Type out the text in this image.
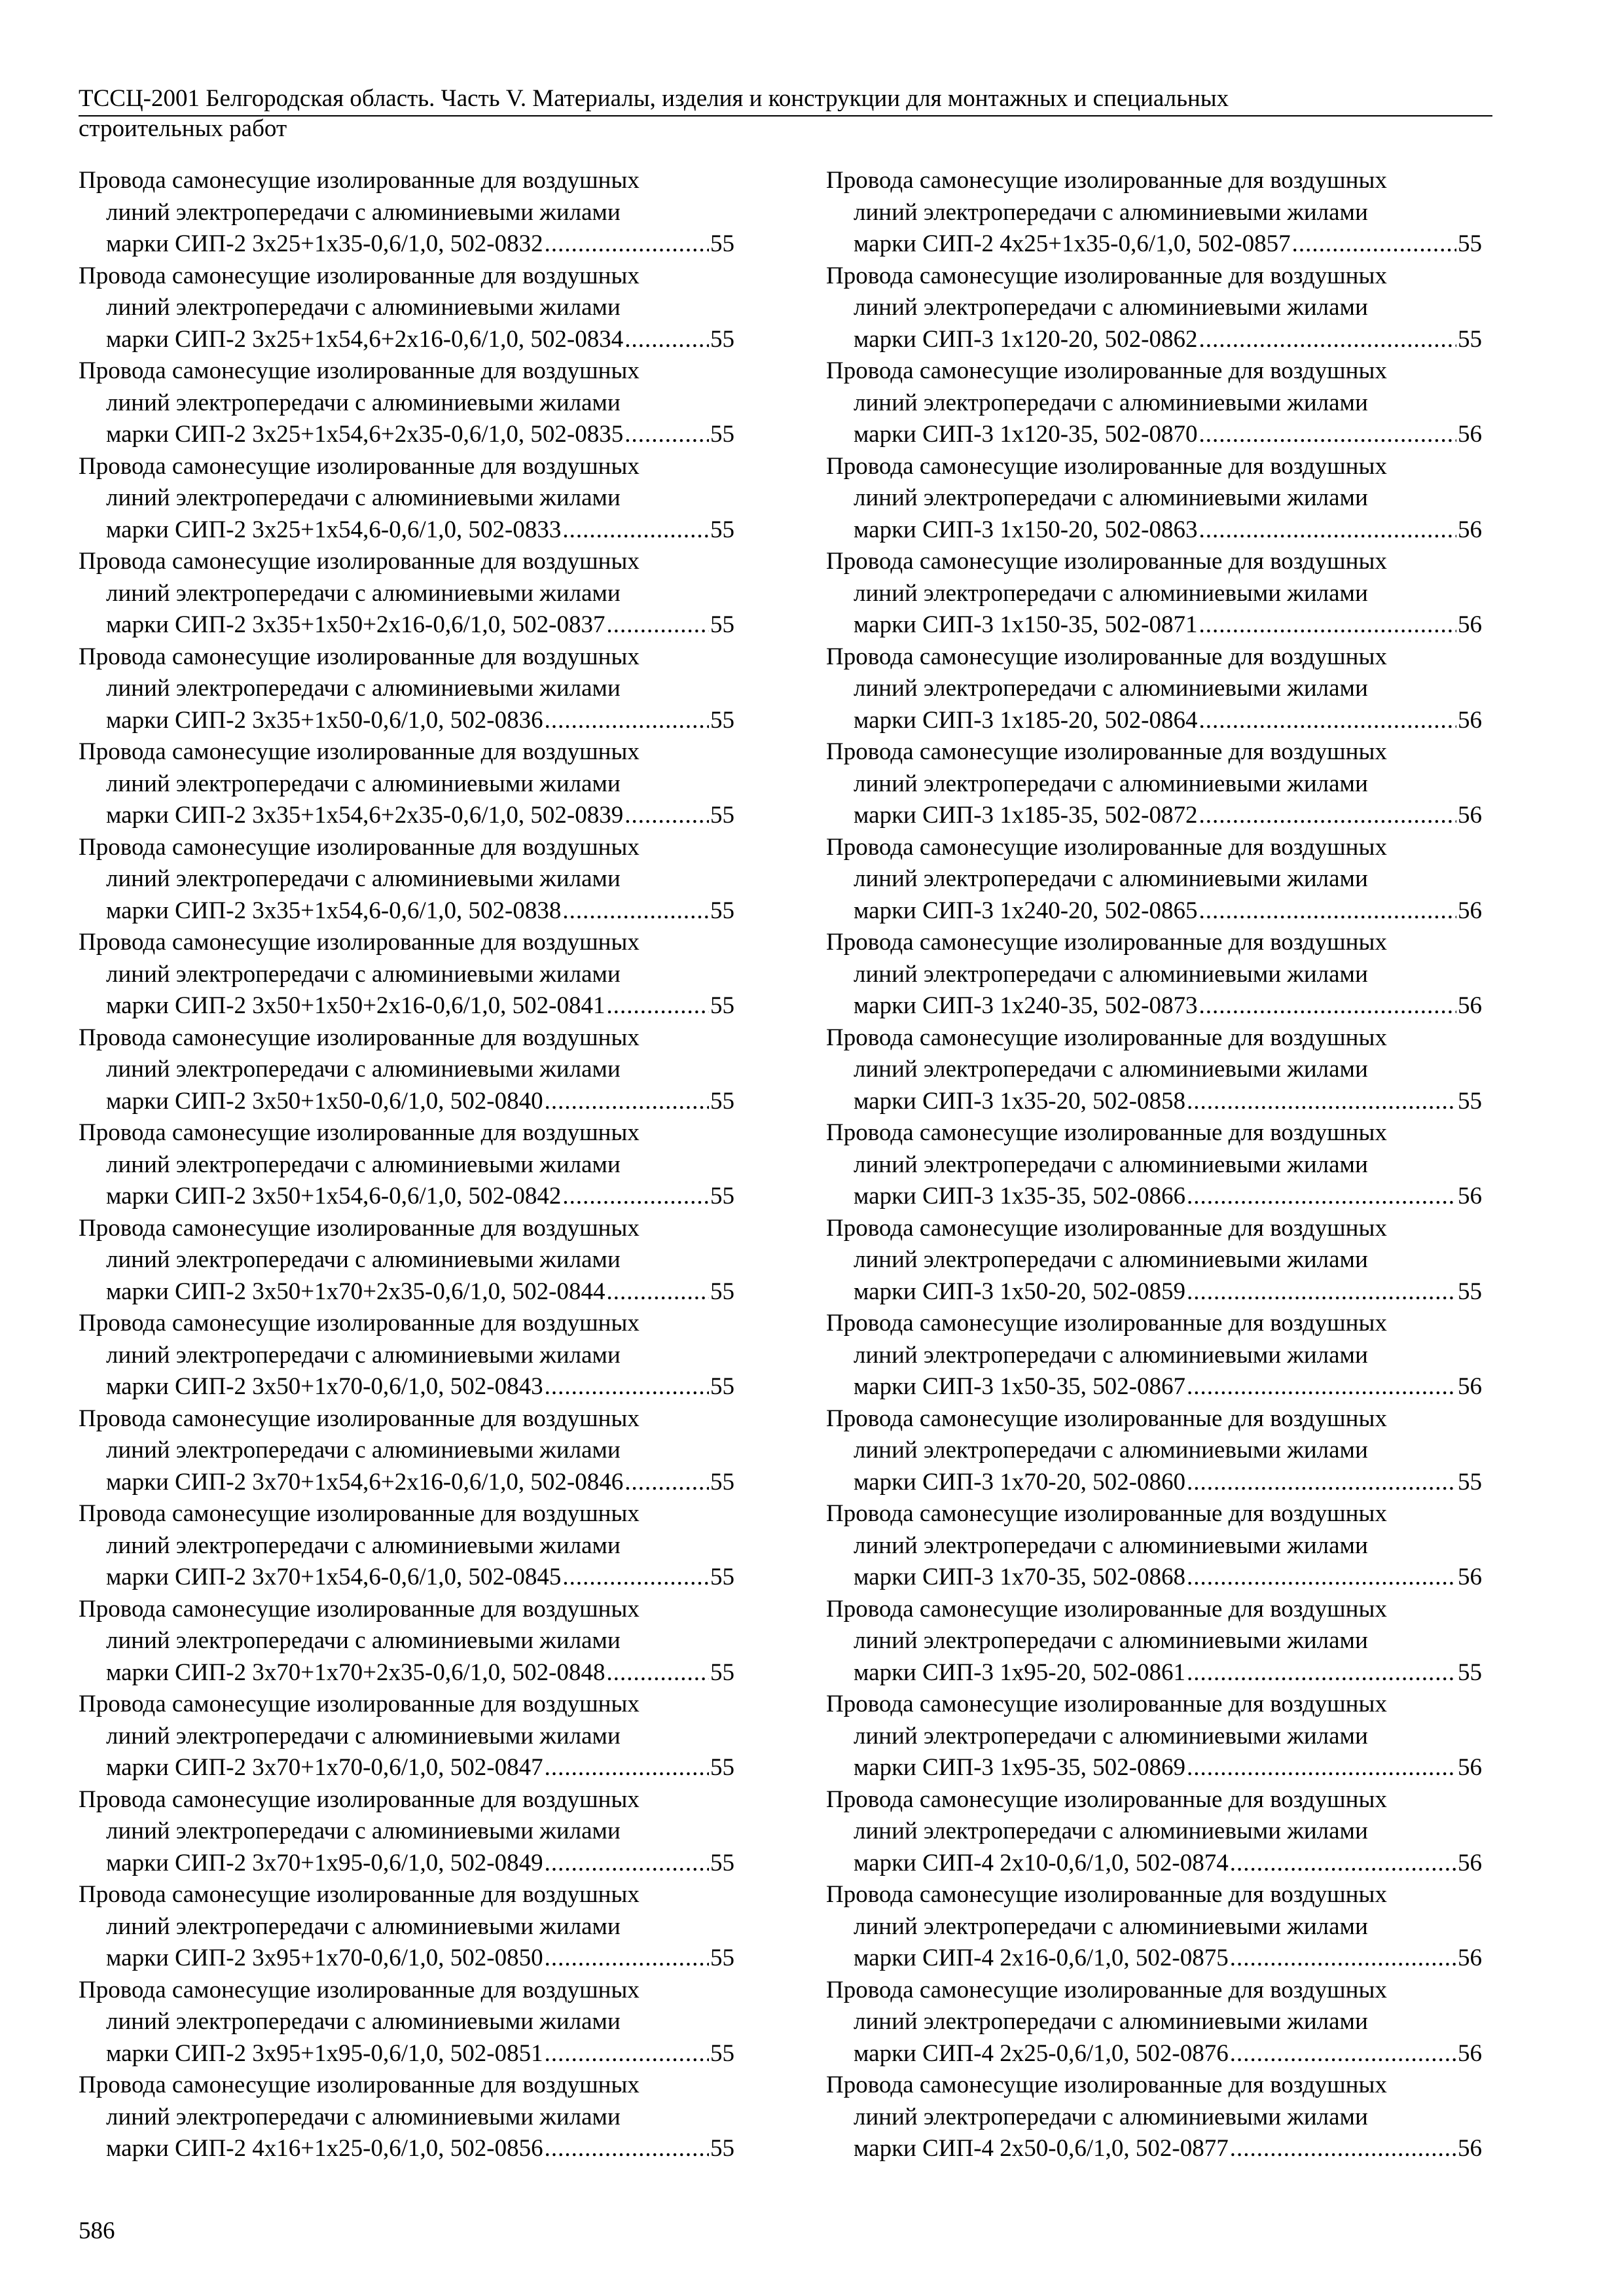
ТССЦ-2001 Белгородская область. Часть V. Материалы, изделия и конструкции для монтажных и специальных
строительных работ
Провода самонесущие изолированные для воздушных
линий электропередачи с алюминиевыми жилами
марки СИП-2 3х25+1х35-0,6/1,0, 502-0832 .....	55
Провода самонесущие изолированные для воздушных
линий электропередачи с алюминиевыми жилами
марки СИП-2 3х25+1х54,6+2х16-0,6/1,0, 502-0834 .....	55
Провода самонесущие изолированные для воздушных
линий электропередачи с алюминиевыми жилами
марки СИП-2 3х25+1х54,6+2х35-0,6/1,0, 502-0835 .....	55
Провода самонесущие изолированные для воздушных
линий электропередачи с алюминиевыми жилами
марки СИП-2 3х25+1х54,6-0,6/1,0, 502-0833 .....	55
Провода самонесущие изолированные для воздушных
линий электропередачи с алюминиевыми жилами
марки СИП-2 3х35+1х50+2х16-0,6/1,0, 502-0837 .....	55
Провода самонесущие изолированные для воздушных
линий электропередачи с алюминиевыми жилами
марки СИП-2 3х35+1х50-0,6/1,0, 502-0836 .....	55
Провода самонесущие изолированные для воздушных
линий электропередачи с алюминиевыми жилами
марки СИП-2 3х35+1х54,6+2х35-0,6/1,0, 502-0839 .....	55
Провода самонесущие изолированные для воздушных
линий электропередачи с алюминиевыми жилами
марки СИП-2 3х35+1х54,6-0,6/1,0, 502-0838 .....	55
Провода самонесущие изолированные для воздушных
линий электропередачи с алюминиевыми жилами
марки СИП-2 3х50+1х50+2х16-0,6/1,0, 502-0841 .....	55
Провода самонесущие изолированные для воздушных
линий электропередачи с алюминиевыми жилами
марки СИП-2 3х50+1х50-0,6/1,0, 502-0840 .....	55
Провода самонесущие изолированные для воздушных
линий электропередачи с алюминиевыми жилами
марки СИП-2 3х50+1х54,6-0,6/1,0, 502-0842 .....	55
Провода самонесущие изолированные для воздушных
линий электропередачи с алюминиевыми жилами
марки СИП-2 3х50+1х70+2х35-0,6/1,0, 502-0844 .....	55
Провода самонесущие изолированные для воздушных
линий электропередачи с алюминиевыми жилами
марки СИП-2 3х50+1х70-0,6/1,0, 502-0843 .....	55
Провода самонесущие изолированные для воздушных
линий электропередачи с алюминиевыми жилами
марки СИП-2 3х70+1х54,6+2х16-0,6/1,0, 502-0846 .....	55
Провода самонесущие изолированные для воздушных
линий электропередачи с алюминиевыми жилами
марки СИП-2 3х70+1х54,6-0,6/1,0, 502-0845 .....	55
Провода самонесущие изолированные для воздушных
линий электропередачи с алюминиевыми жилами
марки СИП-2 3х70+1х70+2х35-0,6/1,0, 502-0848 .....	55
Провода самонесущие изолированные для воздушных
линий электропередачи с алюминиевыми жилами
марки СИП-2 3х70+1х70-0,6/1,0, 502-0847 .....	55
Провода самонесущие изолированные для воздушных
линий электропередачи с алюминиевыми жилами
марки СИП-2 3х70+1х95-0,6/1,0, 502-0849 .....	55
Провода самонесущие изолированные для воздушных
линий электропередачи с алюминиевыми жилами
марки СИП-2 3х95+1х70-0,6/1,0, 502-0850 .....	55
Провода самонесущие изолированные для воздушных
линий электропередачи с алюминиевыми жилами
марки СИП-2 3х95+1х95-0,6/1,0, 502-0851 .....	55
Провода самонесущие изолированные для воздушных
линий электропередачи с алюминиевыми жилами
марки СИП-2 4х16+1х25-0,6/1,0, 502-0856 .....	55
Провода самонесущие изолированные для воздушных
линий электропередачи с алюминиевыми жилами
марки СИП-2 4х25+1х35-0,6/1,0, 502-0857 .....	55
Провода самонесущие изолированные для воздушных
линий электропередачи с алюминиевыми жилами
марки СИП-3 1х120-20, 502-0862 .....	55
Провода самонесущие изолированные для воздушных
линий электропередачи с алюминиевыми жилами
марки СИП-3 1х120-35, 502-0870 .....	56
Провода самонесущие изолированные для воздушных
линий электропередачи с алюминиевыми жилами
марки СИП-3 1х150-20, 502-0863 .....	56
Провода самонесущие изолированные для воздушных
линий электропередачи с алюминиевыми жилами
марки СИП-3 1х150-35, 502-0871 .....	56
Провода самонесущие изолированные для воздушных
линий электропередачи с алюминиевыми жилами
марки СИП-3 1х185-20, 502-0864 .....	56
Провода самонесущие изолированные для воздушных
линий электропередачи с алюминиевыми жилами
марки СИП-3 1х185-35, 502-0872 .....	56
Провода самонесущие изолированные для воздушных
линий электропередачи с алюминиевыми жилами
марки СИП-3 1х240-20, 502-0865 .....	56
Провода самонесущие изолированные для воздушных
линий электропередачи с алюминиевыми жилами
марки СИП-3 1х240-35, 502-0873 .....	56
Провода самонесущие изолированные для воздушных
линий электропередачи с алюминиевыми жилами
марки СИП-3 1х35-20, 502-0858 .....	55
Провода самонесущие изолированные для воздушных
линий электропередачи с алюминиевыми жилами
марки СИП-3 1х35-35, 502-0866 .....	56
Провода самонесущие изолированные для воздушных
линий электропередачи с алюминиевыми жилами
марки СИП-3 1х50-20, 502-0859 .....	55
Провода самонесущие изолированные для воздушных
линий электропередачи с алюминиевыми жилами
марки СИП-3 1х50-35, 502-0867 .....	56
Провода самонесущие изолированные для воздушных
линий электропередачи с алюминиевыми жилами
марки СИП-3 1х70-20, 502-0860 .....	55
Провода самонесущие изолированные для воздушных
линий электропередачи с алюминиевыми жилами
марки СИП-3 1х70-35, 502-0868 .....	56
Провода самонесущие изолированные для воздушных
линий электропередачи с алюминиевыми жилами
марки СИП-3 1х95-20, 502-0861 .....	55
Провода самонесущие изолированные для воздушных
линий электропередачи с алюминиевыми жилами
марки СИП-3 1х95-35, 502-0869 .....	56
Провода самонесущие изолированные для воздушных
линий электропередачи с алюминиевыми жилами
марки СИП-4 2х10-0,6/1,0, 502-0874 .....	56
Провода самонесущие изолированные для воздушных
линий электропередачи с алюминиевыми жилами
марки СИП-4 2х16-0,6/1,0, 502-0875 .....	56
Провода самонесущие изолированные для воздушных
линий электропередачи с алюминиевыми жилами
марки СИП-4 2х25-0,6/1,0, 502-0876 .....	56
Провода самонесущие изолированные для воздушных
линий электропередачи с алюминиевыми жилами
марки СИП-4 2х50-0,6/1,0, 502-0877 .....	56
586
